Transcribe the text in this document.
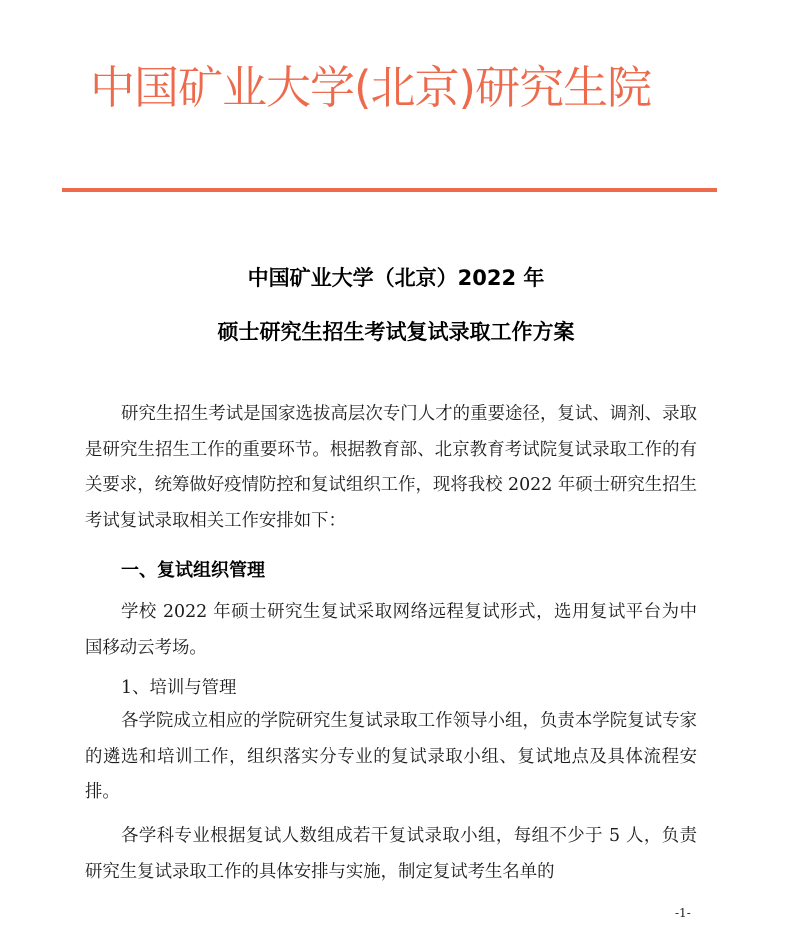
中国矿业大学(北京)研究生院
中国矿业大学（北京）2022 年
硕士研究生招生考试复试录取工作方案
研究生招生考试是国家选拔高层次专门人才的重要途径，复试、调剂、录取是研究生招生工作的重要环节。根据教育部、北京教育考试院复试录取工作的有关要求，统筹做好疫情防控和复试组织工作，现将我校 2022 年硕士研究生招生考试复试录取相关工作安排如下：
一、复试组织管理
学校 2022 年硕士研究生复试采取网络远程复试形式，选用复试平台为中国移动云考场。
1、培训与管理
各学院成立相应的学院研究生复试录取工作领导小组，负责本学院复试专家的遴选和培训工作，组织落实分专业的复试录取小组、复试地点及具体流程安排。
各学科专业根据复试人数组成若干复试录取小组，每组不少于 5 人，负责研究生复试录取工作的具体安排与实施，制定复试考生名单的
-1-
